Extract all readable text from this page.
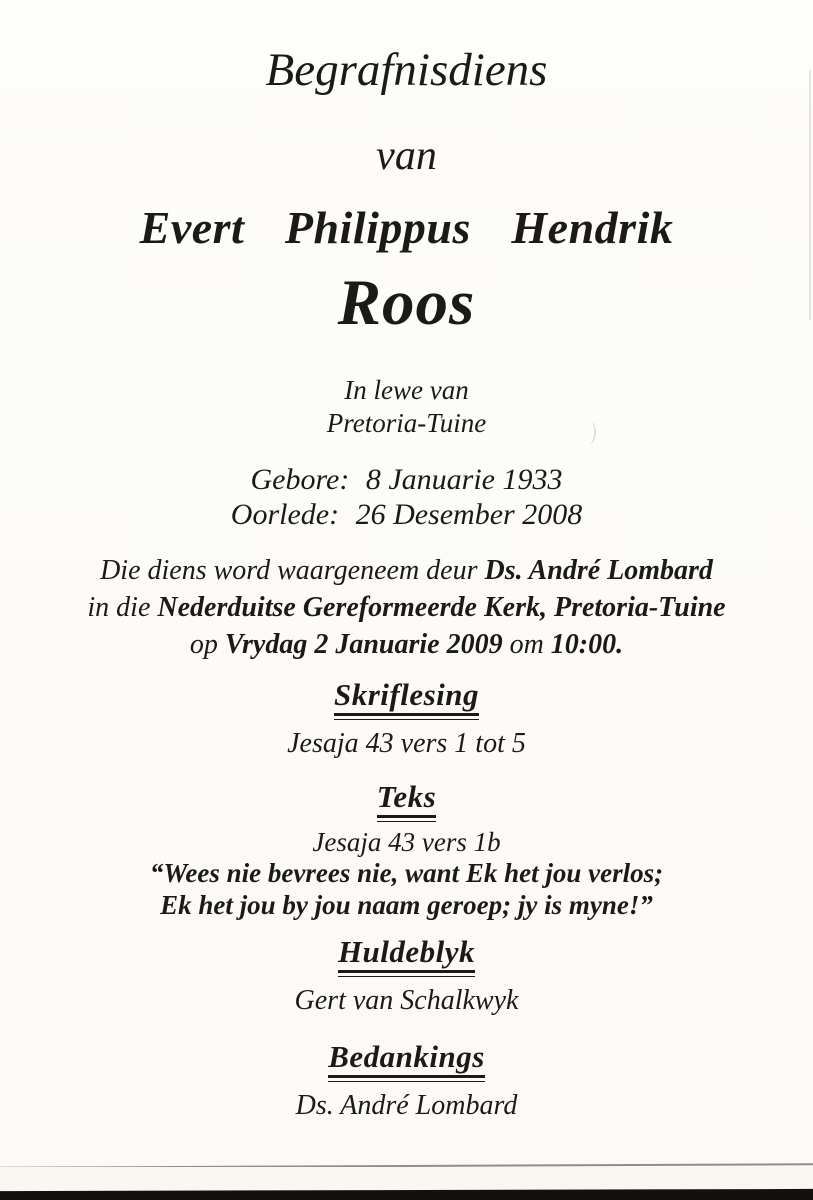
Begrafnisdiens
van
Evert Philippus Hendrik
Roos
In lewe van
Pretoria-Tuine
Gebore: 8 Januarie 1933
Oorlede: 26 Desember 2008
Die diens word waargeneem deur Ds. André Lombard
in die Nederduitse Gereformeerde Kerk, Pretoria-Tuine
op Vrydag 2 Januarie 2009 om 10:00.
Skriflesing
Jesaja 43 vers 1 tot 5
Teks
Jesaja 43 vers 1b
“Wees nie bevrees nie, want Ek het jou verlos;
Ek het jou by jou naam geroep; jy is myne!”
Huldeblyk
Gert van Schalkwyk
Bedankings
Ds. André Lombard
